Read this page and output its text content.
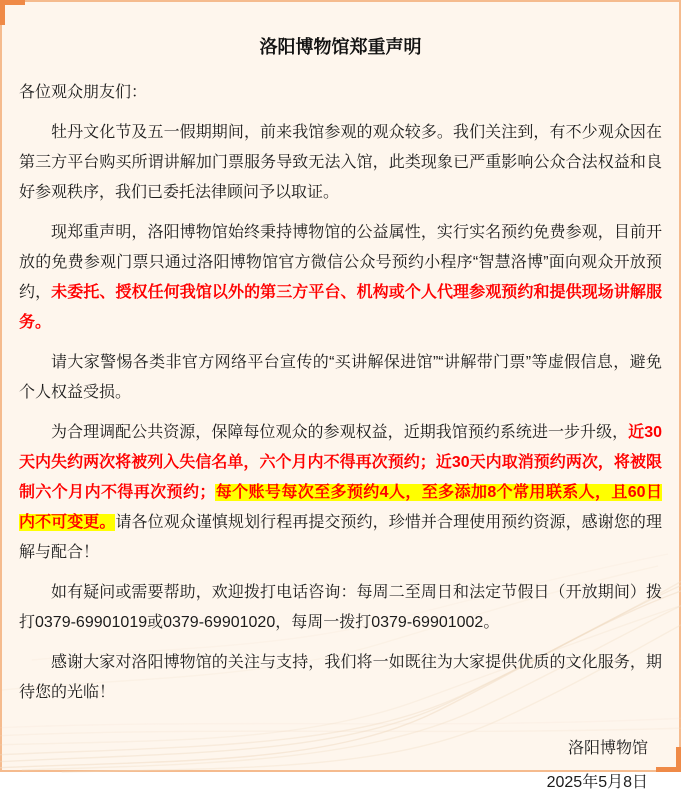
洛阳博物馆郑重声明

各位观众朋友们：

牡丹文化节及五一假期期间，前来我馆参观的观众较多。我们关注到，有不少观众因在第三方平台购买所谓讲解加门票服务导致无法入馆，此类现象已严重影响公众合法权益和良好参观秩序，我们已委托法律顾问予以取证。

现郑重声明，洛阳博物馆始终秉持博物馆的公益属性，实行实名预约免费参观，目前开放的免费参观门票只通过洛阳博物馆官方微信公众号预约小程序“智慧洛博”面向观众开放预约，未委托、授权任何我馆以外的第三方平台、机构或个人代理参观预约和提供现场讲解服务。

请大家警惕各类非官方网络平台宣传的“买讲解保进馆”“讲解带门票”等虚假信息，避免个人权益受损。

为合理调配公共资源，保障每位观众的参观权益，近期我馆预约系统进一步升级，近30天内失约两次将被列入失信名单，六个月内不得再次预约；近30天内取消预约两次，将被限制六个月内不得再次预约；每个账号每次至多预约4人，至多添加8个常用联系人，且60日内不可变更。请各位观众谨慎规划行程再提交预约，珍惜并合理使用预约资源，感谢您的理解与配合！

如有疑问或需要帮助，欢迎拨打电话咨询：每周二至周日和法定节假日（开放期间）拨打0379-69901019或0379-69901020，每周一拨打0379-69901002。

感谢大家对洛阳博物馆的关注与支持，我们将一如既往为大家提供优质的文化服务，期待您的光临！

洛阳博物馆

2025年5月8日
